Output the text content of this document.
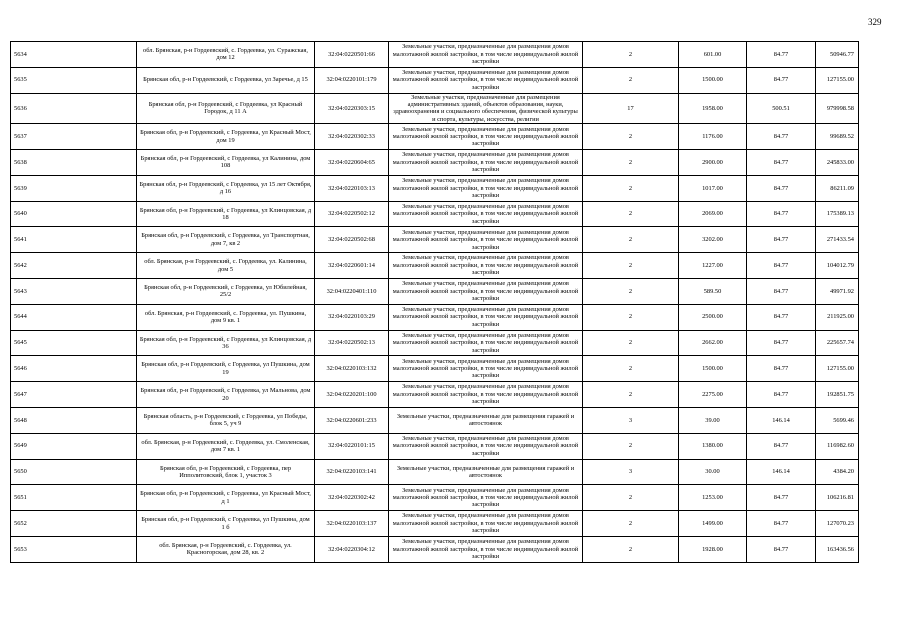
329
5634	обл. Брянская, р-н Гордеевский, с. Гордеевка, ул. Суражская, дом 12	32:04:0220501:66	Земельные участки, предназначенные для размещения домов малоэтажной жилой застройки, в том числе индивидуальной жилой застройки	2	601.00	84.77	50946.77
5635	Брянская обл, р-н Гордеевский, с Гордеевка, ул Заречье, д 15	32:04:0220101:179	Земельные участки, предназначенные для размещения домов малоэтажной жилой застройки, в том числе индивидуальной жилой застройки	2	1500.00	84.77	127155.00
5636	Брянская обл, р-н Гордеевский, с Гордеевка, ул Красный Городок, д 11 А	32:04:0220303:15	Земельные участки, предназначенные для размещения административных зданий, объектов образования, науки, здравоохранения и социального обеспечения, физической культуры и спорта, культуры, искусства, религии	17	1958.00	500.51	979998.58
5637	Брянская обл, р-н Гордеевский, с Гордеевка, ул Красный Мост, дом 19	32:04:0220302:33	Земельные участки, предназначенные для размещения домов малоэтажной жилой застройки, в том числе индивидуальной жилой застройки	2	1176.00	84.77	99689.52
5638	Брянская обл, р-н Гордеевский, с Гордеевка, ул Калинина, дом 108	32:04:0220604:65	Земельные участки, предназначенные для размещения домов малоэтажной жилой застройки, в том числе индивидуальной жилой застройки	2	2900.00	84.77	245833.00
5639	Брянская обл, р-н Гордеевский, с Гордеевка, ул 15 лет Октября, д 16	32:04:0220103:13	Земельные участки, предназначенные для размещения домов малоэтажной жилой застройки, в том числе индивидуальной жилой застройки	2	1017.00	84.77	86211.09
5640	Брянская обл, р-н Гордеевский, с Гордеевка, ул Клинцовская, д 18	32:04:0220502:12	Земельные участки, предназначенные для размещения домов малоэтажной жилой застройки, в том числе индивидуальной жилой застройки	2	2069.00	84.77	175389.13
5641	Брянская обл, р-н Гордеевский, с Гордеевка, ул Транспортная, дом 7, кв 2	32:04:0220502:68	Земельные участки, предназначенные для размещения домов малоэтажной жилой застройки, в том числе индивидуальной жилой застройки	2	3202.00	84.77	271433.54
5642	обл. Брянская, р-н Гордеевский, с. Гордеевка, ул. Калинина, дом 5	32:04:0220601:14	Земельные участки, предназначенные для размещения домов малоэтажной жилой застройки, в том числе индивидуальной жилой застройки	2	1227.00	84.77	104012.79
5643	Брянская обл, р-н Гордеевский, с Гордеевка, ул Юбилейная, 25/2	32:04:0220401:110	Земельные участки, предназначенные для размещения домов малоэтажной жилой застройки, в том числе индивидуальной жилой застройки	2	589.50	84.77	49971.92
5644	обл. Брянская, р-н Гордеевский, с. Гордеевка, ул. Пушкина, дом 9 кв. 1	32:04:0220103:29	Земельные участки, предназначенные для размещения домов малоэтажной жилой застройки, в том числе индивидуальной жилой застройки	2	2500.00	84.77	211925.00
5645	Брянская обл, р-н Гордеевский, с Гордеевка, ул Клинцовская, д 36	32:04:0220502:13	Земельные участки, предназначенные для размещения домов малоэтажной жилой застройки, в том числе индивидуальной жилой застройки	2	2662.00	84.77	225657.74
5646	Брянская обл, р-н Гордеевский, с Гордеевка, ул Пушкина, дом 19	32:04:0220103:132	Земельные участки, предназначенные для размещения домов малоэтажной жилой застройки, в том числе индивидуальной жилой застройки	2	1500.00	84.77	127155.00
5647	Брянская обл, р-н Гордеевский, с Гордеевка, ул Мальнова, дом 20	32:04:0220201:100	Земельные участки, предназначенные для размещения домов малоэтажной жилой застройки, в том числе индивидуальной жилой застройки	2	2275.00	84.77	192851.75
5648	Брянская область, р-н Гордеевский, с Гордеевка, ул Победы, блок 5, уч 9	32:04:0220601:233	Земельные участки, предназначенные для размещения гаражей и автостоянок	3	39.00	146.14	5699.46
5649	обл. Брянская, р-н Гордеевский, с. Гордеевка, ул. Смоленская, дом 7 кв. 1	32:04:0220101:15	Земельные участки, предназначенные для размещения домов малоэтажной жилой застройки, в том числе индивидуальной жилой застройки	2	1380.00	84.77	116982.60
5650	Брянская обл, р-н Гордеевский, с Гордеевка, пер Ипполитовский, блок 1, участок 3	32:04:0220103:141	Земельные участки, предназначенные для размещения гаражей и автостоянок	3	30.00	146.14	4384.20
5651	Брянская обл, р-н Гордеевский, с Гордеевка, ул Красный Мост, д 1	32:04:0220302:42	Земельные участки, предназначенные для размещения домов малоэтажной жилой застройки, в том числе индивидуальной жилой застройки	2	1253.00	84.77	106216.81
5652	Брянская обл, р-н Гордеевский, с Гордеевка, ул Пушкина, дом 1 б	32:04:0220103:137	Земельные участки, предназначенные для размещения домов малоэтажной жилой застройки, в том числе индивидуальной жилой застройки	2	1499.00	84.77	127070.23
5653	обл. Брянская, р-н Гордеевский, с. Гордеевка, ул. Красногорская, дом 28, кв. 2	32:04:0220304:12	Земельные участки, предназначенные для размещения домов малоэтажной жилой застройки, в том числе индивидуальной жилой застройки	2	1928.00	84.77	163436.56
